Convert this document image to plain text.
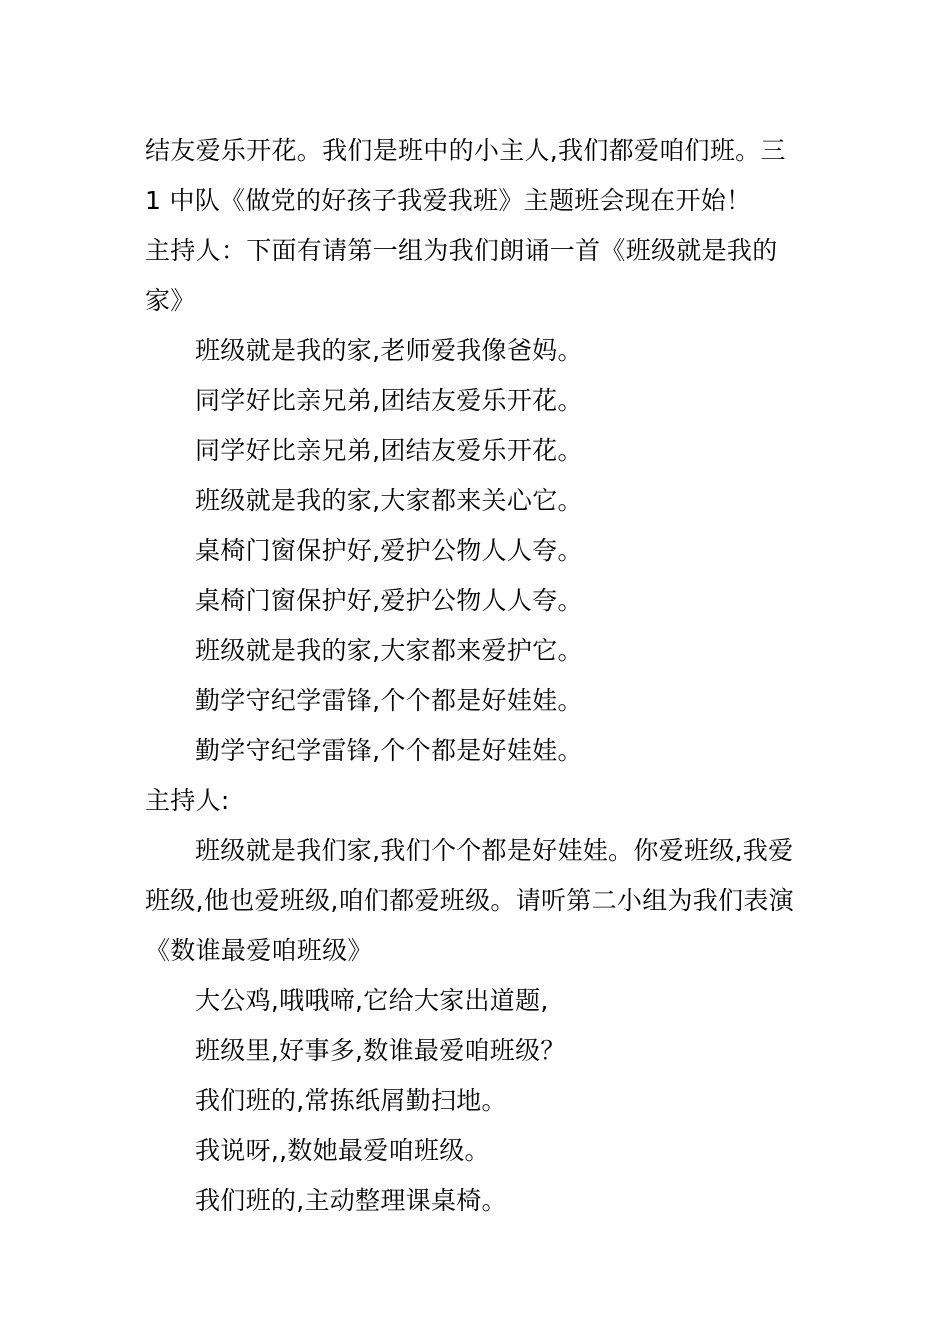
结友爱乐开花。我们是班中的小主人,我们都爱咱们班。三
1 中队《做党的好孩子我爱我班》主题班会现在开始！
主持人：下面有请第一组为我们朗诵一首《班级就是我的
家》
班级就是我的家,老师爱我像爸妈。
同学好比亲兄弟,团结友爱乐开花。
同学好比亲兄弟,团结友爱乐开花。
班级就是我的家,大家都来关心它。
桌椅门窗保护好,爱护公物人人夸。
桌椅门窗保护好,爱护公物人人夸。
班级就是我的家,大家都来爱护它。
勤学守纪学雷锋,个个都是好娃娃。
勤学守纪学雷锋,个个都是好娃娃。
主持人:
班级就是我们家,我们个个都是好娃娃。你爱班级,我爱
班级,他也爱班级,咱们都爱班级。请听第二小组为我们表演
《数谁最爱咱班级》
大公鸡,哦哦啼,它给大家出道题,
班级里,好事多,数谁最爱咱班级？
我们班的,常拣纸屑勤扫地。
我说呀,,数她最爱咱班级。
我们班的,主动整理课桌椅。
